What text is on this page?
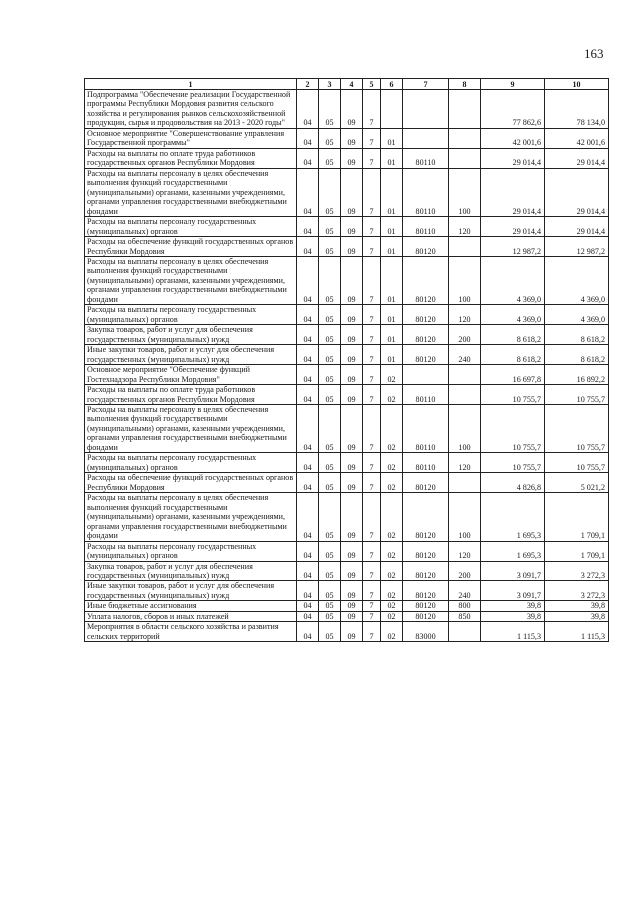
163
1	2	3	4	5	6	7	8	9	10
Подпрограмма "Обеспечение реализации Государственной программы Республики Мордовия развития сельского хозяйства и регулирования рынков сельскохозяйственной продукции, сырья и продовольствия на 2013 - 2020 годы"	04	05	09	7				77 862,6	78 134,0
Основное мероприятие "Совершенствование управления Государственной программы"	04	05	09	7	01			42 001,6	42 001,6
Расходы на выплаты по оплате труда работников государственных органов Республики Мордовия	04	05	09	7	01	80110		29 014,4	29 014,4
Расходы на выплаты персоналу в целях обеспечения выполнения функций государственными (муниципальными) органами, казенными учреждениями, органами управления государственными внебюджетными фондами	04	05	09	7	01	80110	100	29 014,4	29 014,4
Расходы на выплаты персоналу государственных (муниципальных) органов	04	05	09	7	01	80110	120	29 014,4	29 014,4
Расходы на обеспечение функций государственных органов Республики Мордовия	04	05	09	7	01	80120		12 987,2	12 987,2
Расходы на выплаты персоналу в целях обеспечения выполнения функций государственными (муниципальными) органами, казенными учреждениями, органами управления государственными внебюджетными фондами	04	05	09	7	01	80120	100	4 369,0	4 369,0
Расходы на выплаты персоналу государственных (муниципальных) органов	04	05	09	7	01	80120	120	4 369,0	4 369,0
Закупка товаров, работ и услуг для обеспечения государственных (муниципальных) нужд	04	05	09	7	01	80120	200	8 618,2	8 618,2
Иные закупки товаров, работ и услуг для обеспечения государственных (муниципальных) нужд	04	05	09	7	01	80120	240	8 618,2	8 618,2
Основное мероприятие "Обеспечение функций Гостехнадзора Республики Мордовия"	04	05	09	7	02			16 697,8	16 892,2
Расходы на выплаты по оплате труда работников государственных органов Республики Мордовия	04	05	09	7	02	80110		10 755,7	10 755,7
Расходы на выплаты персоналу в целях обеспечения выполнения функций государственными (муниципальными) органами, казенными учреждениями, органами управления государственными внебюджетными фондами	04	05	09	7	02	80110	100	10 755,7	10 755,7
Расходы на выплаты персоналу государственных (муниципальных) органов	04	05	09	7	02	80110	120	10 755,7	10 755,7
Расходы на обеспечение функций государственных органов Республики Мордовия	04	05	09	7	02	80120		4 826,8	5 021,2
Расходы на выплаты персоналу в целях обеспечения выполнения функций государственными (муниципальными) органами, казенными учреждениями, органами управления государственными внебюджетными фондами	04	05	09	7	02	80120	100	1 695,3	1 709,1
Расходы на выплаты персоналу государственных (муниципальных) органов	04	05	09	7	02	80120	120	1 695,3	1 709,1
Закупка товаров, работ и услуг для обеспечения государственных (муниципальных) нужд	04	05	09	7	02	80120	200	3 091,7	3 272,3
Иные закупки товаров, работ и услуг для обеспечения государственных (муниципальных) нужд	04	05	09	7	02	80120	240	3 091,7	3 272,3
Иные бюджетные ассигнования	04	05	09	7	02	80120	800	39,8	39,8
Уплата налогов, сборов и иных платежей	04	05	09	7	02	80120	850	39,8	39,8
Мероприятия в области сельского хозяйства и развития сельских территорий	04	05	09	7	02	83000		1 115,3	1 115,3
